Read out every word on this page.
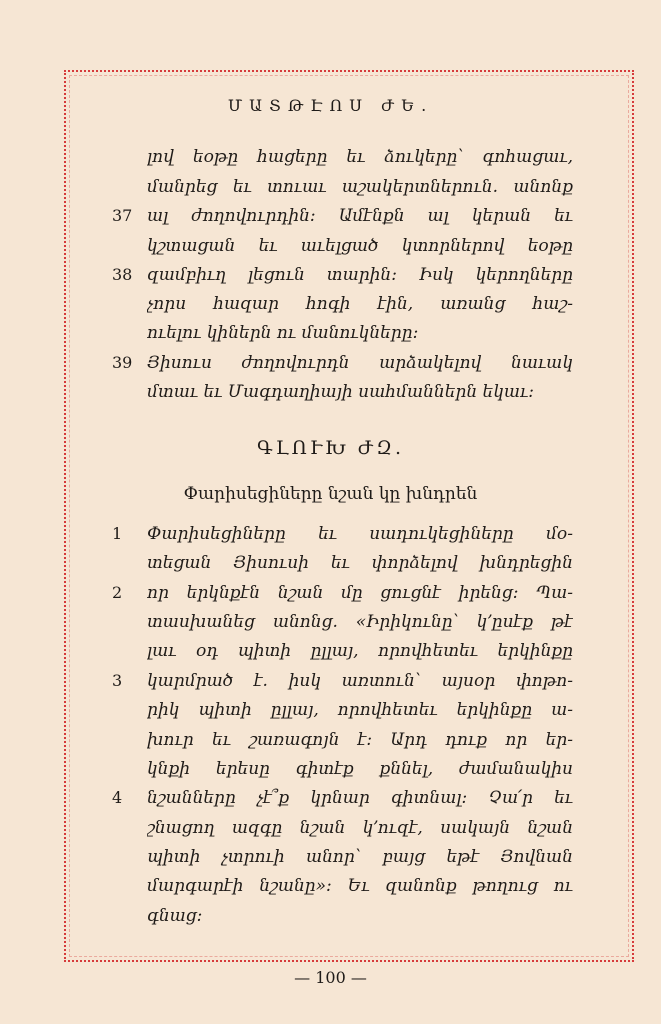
ՄԱՏԹԷՈՍ ԺԵ.
լով եօթը հացերը եւ ձուկերը՝ գոհացաւ,
մանրեց եւ տուաւ աշակերտներուն. անոնք
37 ալ ժողովուրդին։ Ամէնքն ալ կերան եւ
կշտացան եւ աւելցած կտորներով եօթը
38 զամբիւղ լեցուն տարին։ Իսկ կերողները
չորս հազար հոգի էին, առանց հաշ-
ուելու կիներն ու մանուկները։
39 Յիսուս ժողովուրդն արձակելով նաւակ
մտաւ եւ Մագդաղիայի սահմաններն եկաւ։
ԳԼՈՒԽ ԺԶ.
Փարիսեցիները նշան կը խնդրեն
1	Փարիսեցիները եւ սադուկեցիները մօ-
տեցան Յիսուսի եւ փորձելով խնդրեցին
2	որ երկնքէն նշան մը ցուցնէ իրենց։ Պա-
տասխանեց անոնց. «Իրիկունը՝ կ՚ըսէք թէ
լաւ օդ պիտի ըլլայ, որովհետեւ երկինքը
3	կարմրած է. իսկ առտուն՝ այսօր փոթո-
րիկ պիտի ըլլայ, որովհետեւ երկինքը ա-
խուր եւ շառագոյն է։ Արդ դուք որ եր-
կնքի երեսը գիտէք քննել, ժամանակիս
4	նշանները չէ՞ք կրնար գիտնալ։ Չա՛ր եւ
շնացող ազգը նշան կ՚ուզէ, սակայն նշան
պիտի չտրուի անոր՝ բայց եթէ Յովնան
մարգարէի նշանը»։ Եւ զանոնք թողուց ու
գնաց։
— 100 —
